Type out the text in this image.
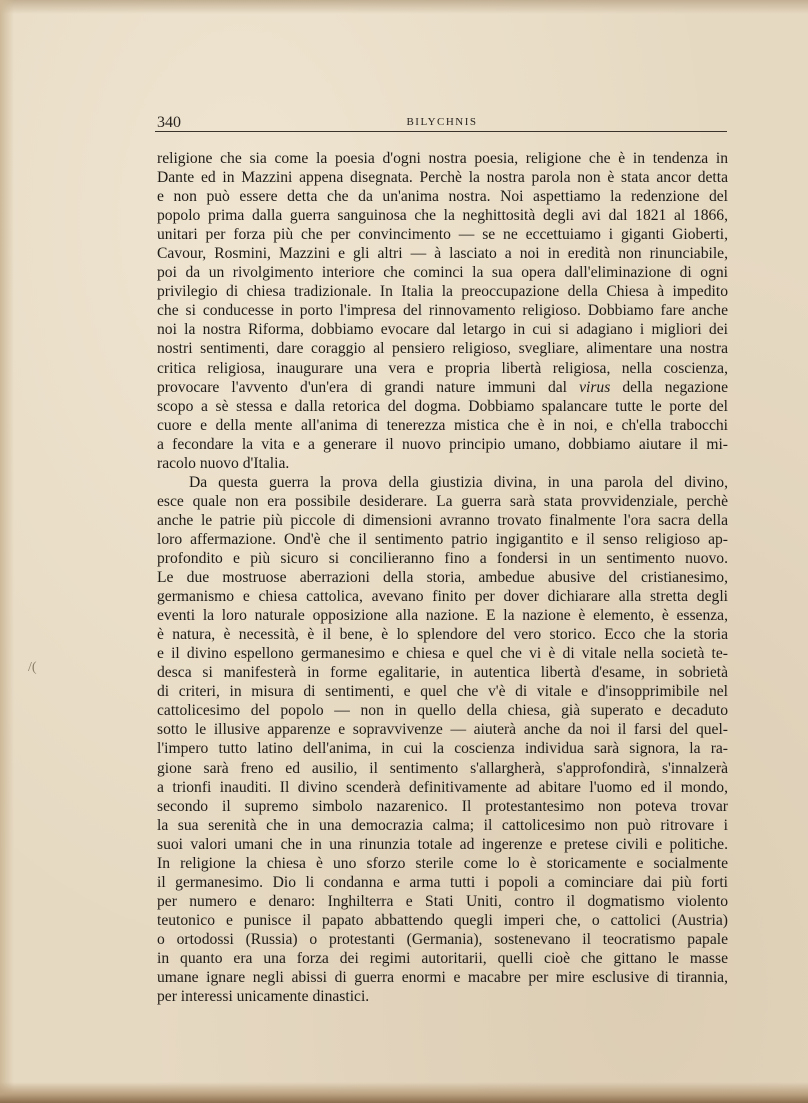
/(
340	BILYCHNIS

religione che sia come la poesia d'ogni nostra poesia, religione che è in tendenza in

Dante ed in Mazzini appena disegnata. Perchè la nostra parola non è stata ancor detta

e non può essere detta che da un'anima nostra. Noi aspettiamo la redenzione del

popolo prima dalla guerra sanguinosa che la neghittosità degli avi dal 1821 al 1866,

unitari per forza più che per convincimento — se ne eccettuiamo i giganti Gioberti,

Cavour, Rosmini, Mazzini e gli altri — à lasciato a noi in eredità non rinunciabile,

poi da un rivolgimento interiore che cominci la sua opera dall'eliminazione di ogni

privilegio di chiesa tradizionale. In Italia la preoccupazione della Chiesa à impedito

che si conducesse in porto l'impresa del rinnovamento religioso. Dobbiamo fare anche

noi la nostra Riforma, dobbiamo evocare dal letargo in cui si adagiano i migliori dei

nostri sentimenti, dare coraggio al pensiero religioso, svegliare, alimentare una nostra

critica religiosa, inaugurare una vera e propria libertà religiosa, nella coscienza,

provocare l'avvento d'un'era di grandi nature immuni dal virus della negazione

scopo a sè stessa e dalla retorica del dogma. Dobbiamo spalancare tutte le porte del

cuore e della mente all'anima di tenerezza mistica che è in noi, e ch'ella trabocchi

a fecondare la vita e a generare il nuovo principio umano, dobbiamo aiutare il mi-

racolo nuovo d'Italia.

Da questa guerra la prova della giustizia divina, in una parola del divino,

esce quale non era possibile desiderare. La guerra sarà stata provvidenziale, perchè

anche le patrie più piccole di dimensioni avranno trovato finalmente l'ora sacra della

loro affermazione. Ond'è che il sentimento patrio ingigantito e il senso religioso ap-

profondito e più sicuro si concilieranno fino a fondersi in un sentimento nuovo.

Le due mostruose aberrazioni della storia, ambedue abusive del cristianesimo,

germanismo e chiesa cattolica, avevano finito per dover dichiarare alla stretta degli

eventi la loro naturale opposizione alla nazione. E la nazione è elemento, è essenza,

è natura, è necessità, è il bene, è lo splendore del vero storico. Ecco che la storia

e il divino espellono germanesimo e chiesa e quel che vi è di vitale nella società te-

desca si manifesterà in forme egalitarie, in autentica libertà d'esame, in sobrietà

di criteri, in misura di sentimenti, e quel che v'è di vitale e d'insopprimibile nel

cattolicesimo del popolo — non in quello della chiesa, già superato e decaduto

sotto le illusive apparenze e sopravvivenze — aiuterà anche da noi il farsi del quel-

l'impero tutto latino dell'anima, in cui la coscienza individua sarà signora, la ra-

gione sarà freno ed ausilio, il sentimento s'allargherà, s'approfondirà, s'innalzerà

a trionfi inauditi. Il divino scenderà definitivamente ad abitare l'uomo ed il mondo,

secondo il supremo simbolo nazarenico. Il protestantesimo non poteva trovar

la sua serenità che in una democrazia calma; il cattolicesimo non può ritrovare i

suoi valori umani che in una rinunzia totale ad ingerenze e pretese civili e politiche.

In religione la chiesa è uno sforzo sterile come lo è storicamente e socialmente

il germanesimo. Dio li condanna e arma tutti i popoli a cominciare dai più forti

per numero e denaro: Inghilterra e Stati Uniti, contro il dogmatismo violento

teutonico e punisce il papato abbattendo quegli imperi che, o cattolici (Austria)

o ortodossi (Russia) o protestanti (Germania), sostenevano il teocratismo papale

in quanto era una forza dei regimi autoritarii, quelli cioè che gittano le masse

umane ignare negli abissi di guerra enormi e macabre per mire esclusive di tirannia,

per interessi unicamente dinastici.
